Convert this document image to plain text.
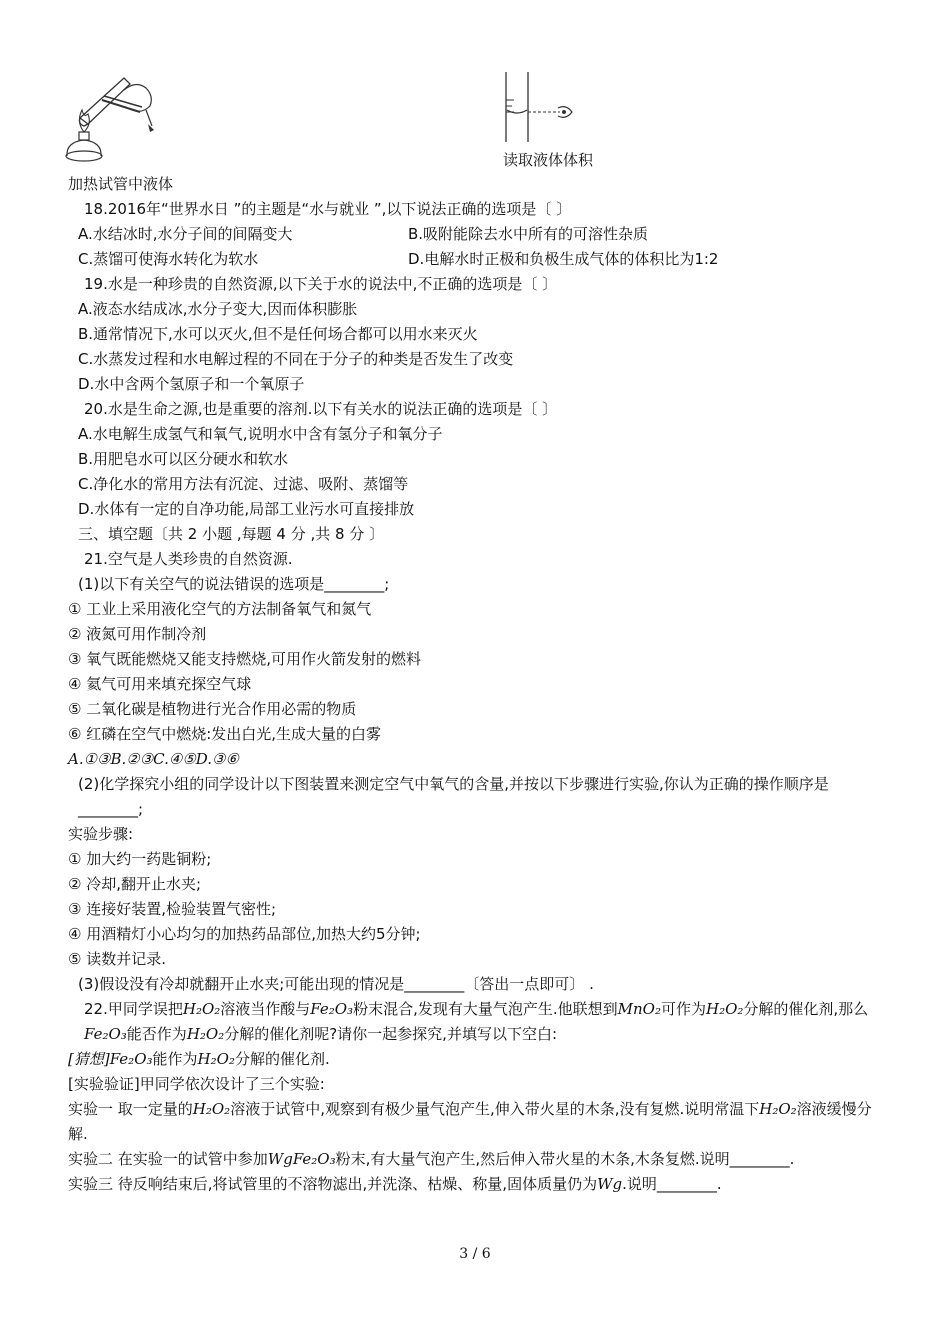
读取液体体积
加热试管中液体
18.2016年“世界水日 ”的主题是“水与就业 ”,以下说法正确的选项是〔 〕
A.水结冰时,水分子间的间隔变大	B.吸附能除去水中所有的可溶性杂质
C.蒸馏可使海水转化为软水	D.电解水时正极和负极生成气体的体积比为1:2
19.水是一种珍贵的自然资源,以下关于水的说法中,不正确的选项是〔 〕
A.液态水结成冰,水分子变大,因而体积膨胀
B.通常情况下,水可以灭火,但不是任何场合都可以用水来灭火
C.水蒸发过程和水电解过程的不同在于分子的种类是否发生了改变
D.水中含两个氢原子和一个氧原子
20.水是生命之源,也是重要的溶剂.以下有关水的说法正确的选项是〔 〕
A.水电解生成氢气和氧气,说明水中含有氢分子和氧分子
B.用肥皂水可以区分硬水和软水
C.净化水的常用方法有沉淀、过滤、吸附、蒸馏等
D.水体有一定的自净功能,局部工业污水可直接排放
三、填空题〔共 2 小题 ,每题 4 分 ,共 8 分 〕
21.空气是人类珍贵的自然资源.
(1)以下有关空气的说法错误的选项是________;
① 工业上采用液化空气的方法制备氧气和氮气
② 液氮可用作制冷剂
③ 氧气既能燃烧又能支持燃烧,可用作火箭发射的燃料
④ 氦气可用来填充探空气球
⑤ 二氧化碳是植物进行光合作用必需的物质
⑥ 红磷在空气中燃烧:发出白光,生成大量的白雾
A.①③B.②③C.④⑤D.③⑥
(2)化学探究小组的同学设计以下图装置来测定空气中氧气的含量,并按以下步骤进行实验,你认为正确的操作顺序是________;
实验步骤:
① 加大约一药匙铜粉;
② 冷却,翻开止水夹;
③ 连接好装置,检验装置气密性;
④ 用酒精灯小心均匀的加热药品部位,加热大约5分钟;
⑤ 读数并记录.
(3)假设没有冷却就翻开止水夹;可能出现的情况是________〔答出一点即可〕 .
22.甲同学误把H₂O₂溶液当作酸与Fe₂O₃粉末混合,发现有大量气泡产生.他联想到MnO₂可作为H₂O₂分解的催化剂,那么Fe₂O₃能否作为H₂O₂分解的催化剂呢?请你一起参探究,并填写以下空白:
[猜想]Fe₂O₃能作为H₂O₂分解的催化剂.
[实验验证]甲同学依次设计了三个实验:
实验一 取一定量的H₂O₂溶液于试管中,观察到有极少量气泡产生,伸入带火星的木条,没有复燃.说明常温下H₂O₂溶液缓慢分解.
实验二 在实验一的试管中参加WgFe₂O₃粉末,有大量气泡产生,然后伸入带火星的木条,木条复燃.说明________.
实验三 待反响结束后,将试管里的不溶物滤出,并洗涤、枯燥、称量,固体质量仍为Wg.说明________.
3 / 6
